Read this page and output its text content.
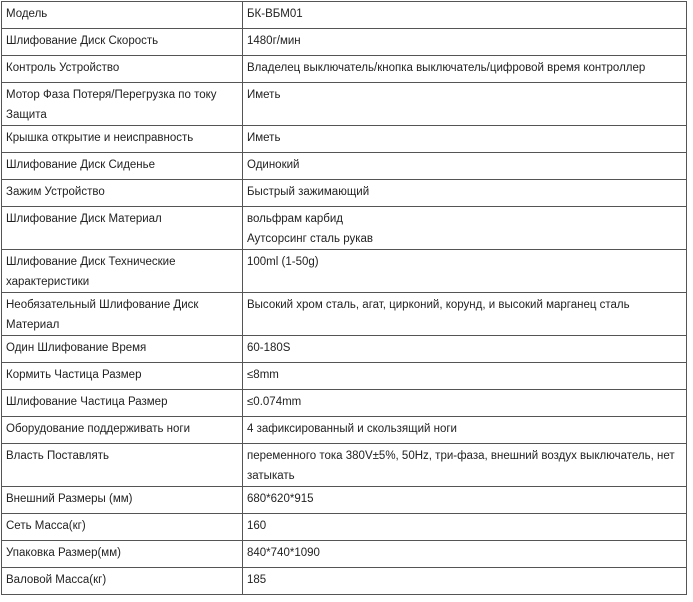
Модель	БК-ВБМ01

Шлифование Диск Скорость	1480г/мин

Контроль Устройство	Владелец выключатель/кнопка выключатель/цифровой время контроллер

Мотор Фаза Потеря/Перегрузка по току Защита	Иметь

Крышка открытие и неисправность	Иметь

Шлифование Диск Сиденье	Одинокий

Зажим Устройство	Быстрый зажимающий

Шлифование Диск Материал	вольфрам карбид
Аутсорсинг сталь рукав

Шлифование Диск Технические характеристики	100ml (1-50g)

Необязательный Шлифование Диск Материал	Высокий хром сталь, агат, цирконий, корунд, и высокий марганец сталь

Один Шлифование Время	60-180S

Кормить Частица Размер	≤8mm

Шлифование Частица Размер	≤0.074mm

Оборудование поддерживать ноги	4 зафиксированный и скользящий ноги

Власть Поставлять	переменного тока 380V±5%, 50Hz, три-фаза, внешний воздух выключатель, нет затыкать

Внешний Размеры (мм)	680*620*915

Сеть Масса(кг)	160

Упаковка Размер(мм)	840*740*1090

Валовой Масса(кг)	185
